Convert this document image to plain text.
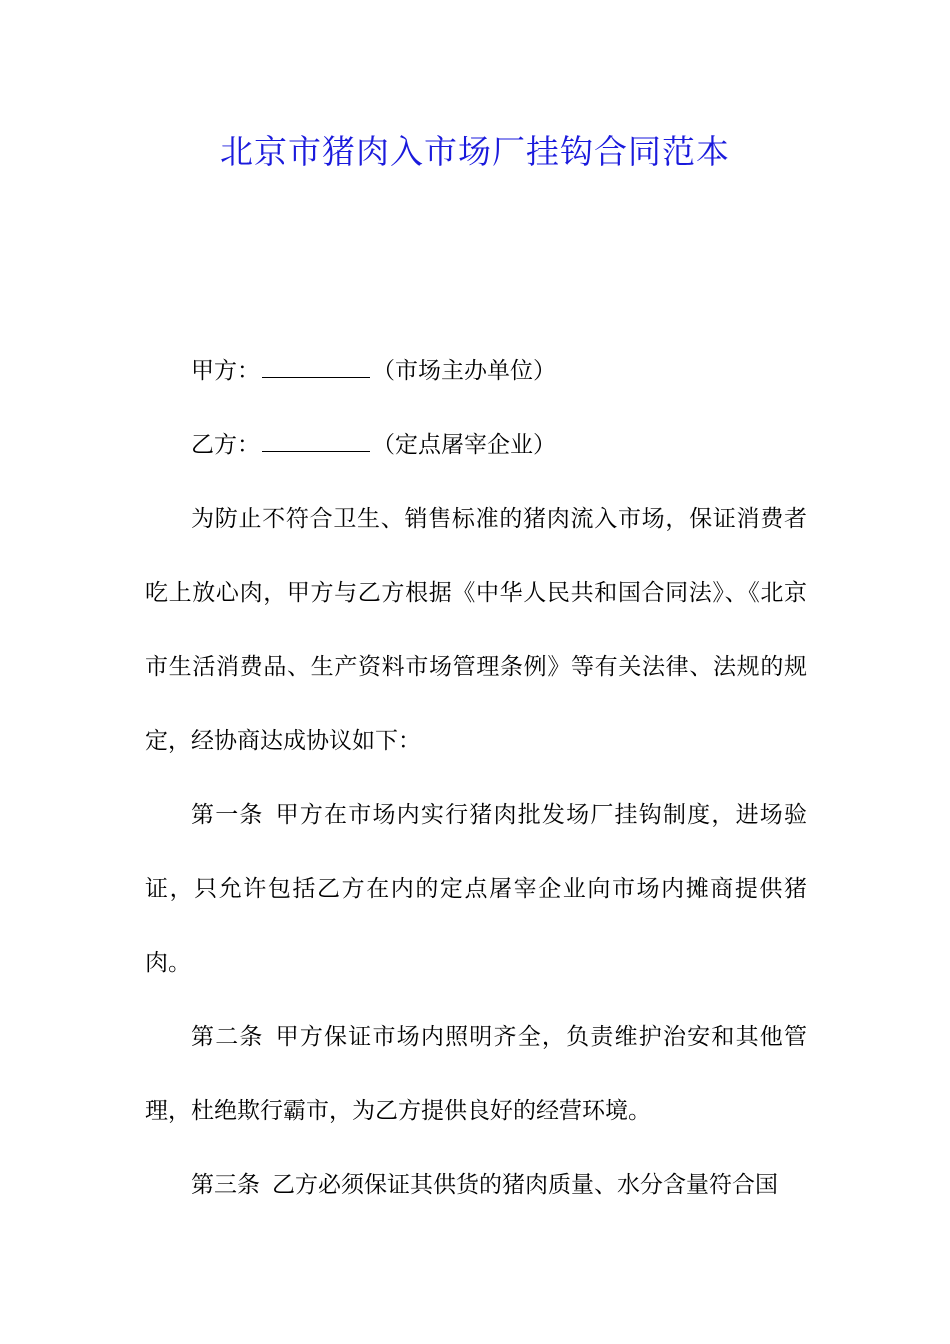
北京市猪肉入市场厂挂钩合同范本

甲方：	（市场主办单位）

乙方：	（定点屠宰企业）

为防止不符合卫生、销售标准的猪肉流入市场，保证消费者吃上放心肉，甲方与乙方根据《中华人民共和国合同法》、《北京市生活消费品、生产资料市场管理条例》等有关法律、法规的规定，经协商达成协议如下：

第一条 甲方在市场内实行猪肉批发场厂挂钩制度，进场验证，只允许包括乙方在内的定点屠宰企业向市场内摊商提供猪肉。

第二条 甲方保证市场内照明齐全，负责维护治安和其他管理，杜绝欺行霸市，为乙方提供良好的经营环境。

第三条 乙方必须保证其供货的猪肉质量、水分含量符合国
